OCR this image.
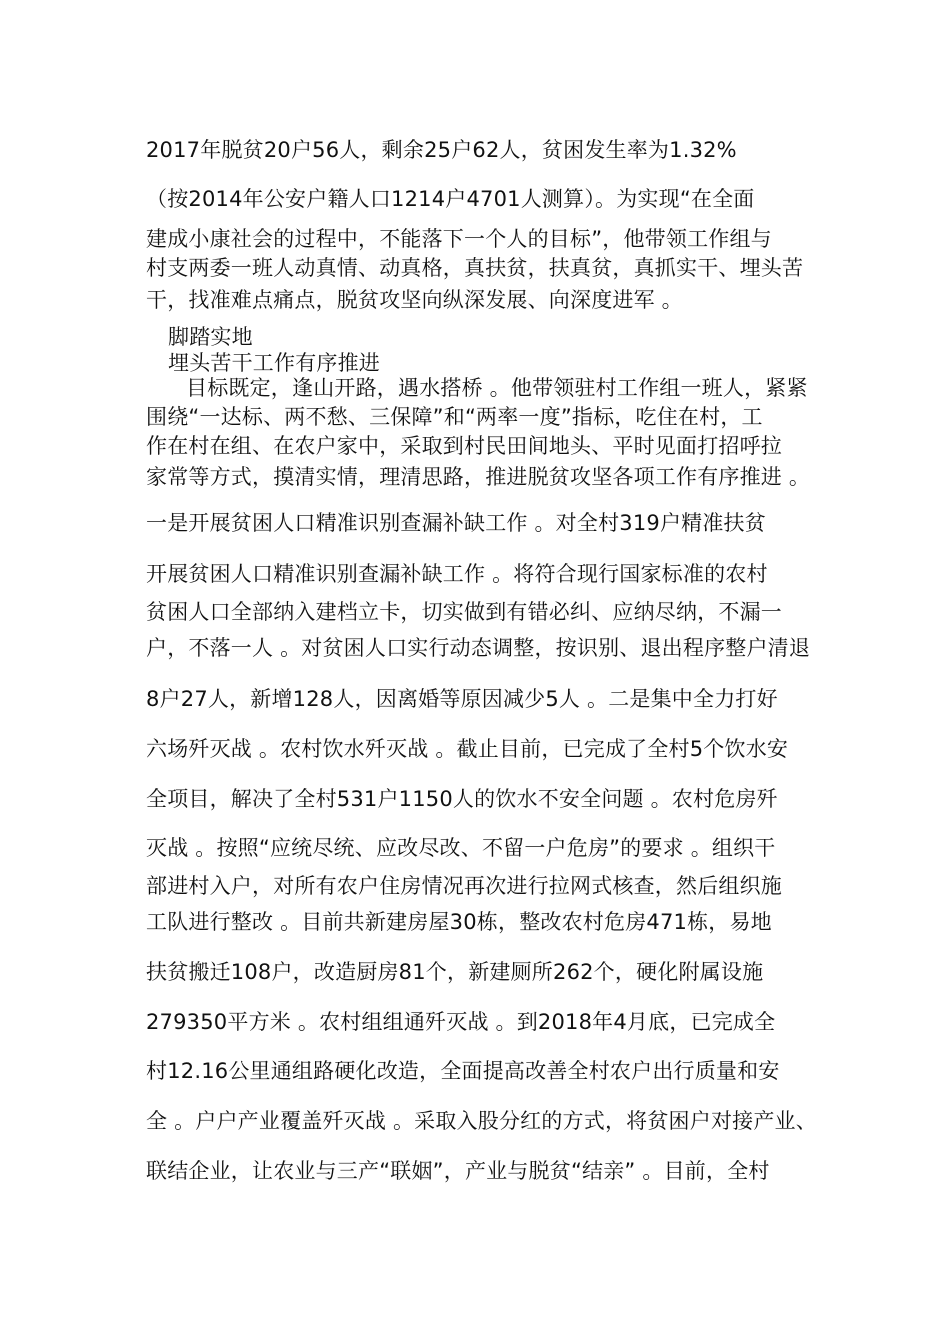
2017年脱贫20户56人，剩余25户62人，贫困发生率为1.32%
（按2014年公安户籍人口1214户4701人测算）。为实现“在全面
建成小康社会的过程中，不能落下一个人的目标”，他带领工作组与
村支两委一班人动真情、动真格，真扶贫，扶真贫，真抓实干、埋头苦
干，找准难点痛点，脱贫攻坚向纵深发展、向深度进军 。
脚踏实地
埋头苦干工作有序推进
目标既定，逢山开路，遇水搭桥 。他带领驻村工作组一班人，紧紧
围绕“一达标、两不愁、三保障”和“两率一度”指标，吃住在村，工
作在村在组、在农户家中，采取到村民田间地头、平时见面打招呼拉
家常等方式，摸清实情，理清思路，推进脱贫攻坚各项工作有序推进 。
一是开展贫困人口精准识别查漏补缺工作 。对全村319户精准扶贫
开展贫困人口精准识别查漏补缺工作 。将符合现行国家标准的农村
贫困人口全部纳入建档立卡，切实做到有错必纠、应纳尽纳，不漏一
户，不落一人 。对贫困人口实行动态调整，按识别、退出程序整户清退
8户27人，新增128人，因离婚等原因减少5人 。二是集中全力打好
六场歼灭战 。农村饮水歼灭战 。截止目前，已完成了全村5个饮水安
全项目，解决了全村531户1150人的饮水不安全问题 。农村危房歼
灭战 。按照“应统尽统、应改尽改、不留一户危房”的要求 。组织干
部进村入户，对所有农户住房情况再次进行拉网式核查，然后组织施
工队进行整改 。目前共新建房屋30栋，整改农村危房471栋，易地
扶贫搬迁108户，改造厨房81个，新建厕所262个，硬化附属设施
279350平方米 。农村组组通歼灭战 。到2018年4月底，已完成全
村12.16公里通组路硬化改造，全面提高改善全村农户出行质量和安
全 。户户产业覆盖歼灭战 。采取入股分红的方式，将贫困户对接产业、
联结企业，让农业与三产“联姻”，产业与脱贫“结亲” 。目前，全村
